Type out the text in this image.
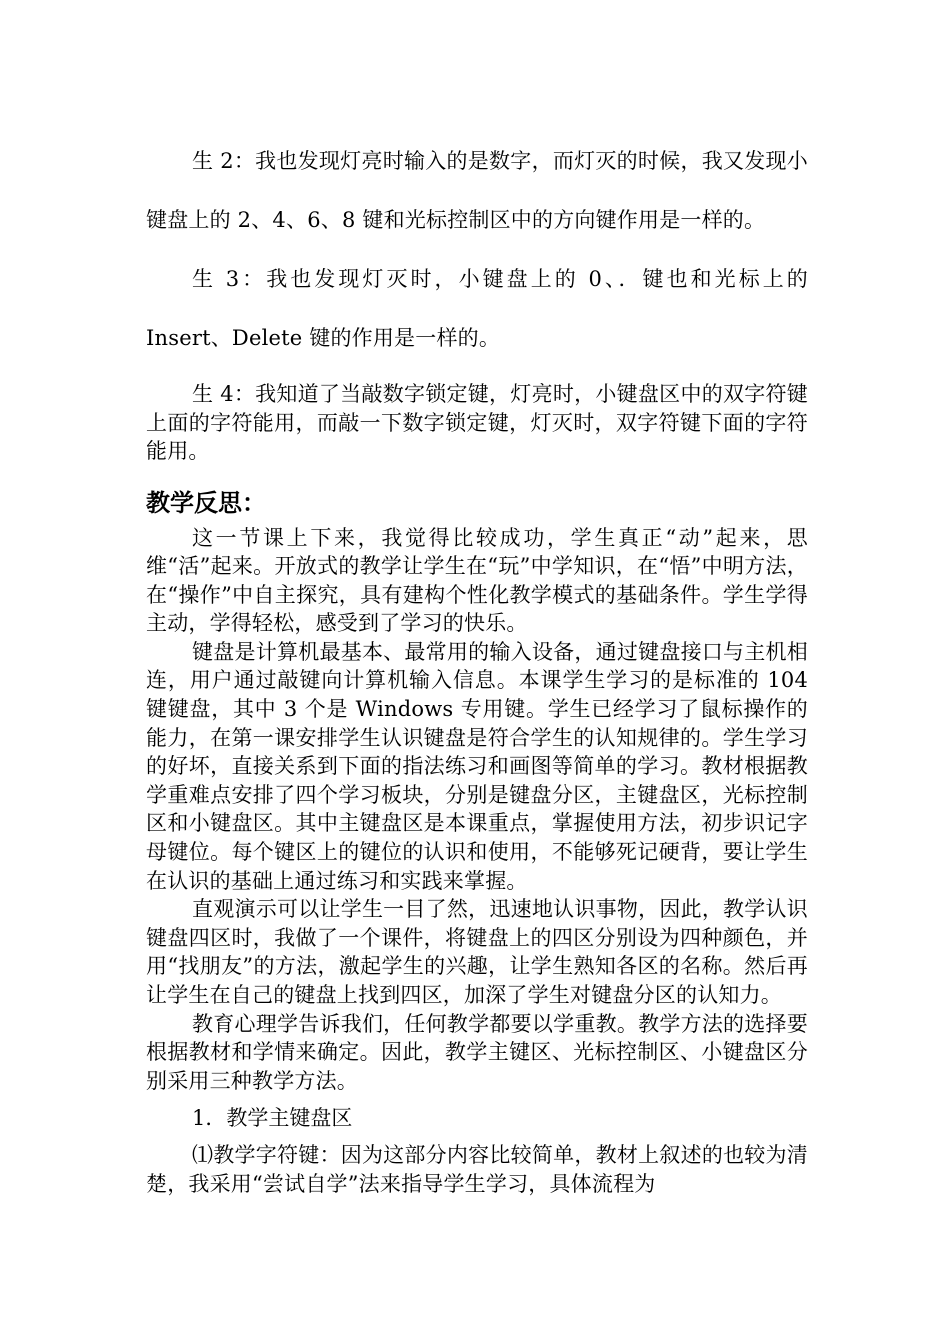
生 2：我也发现灯亮时输入的是数字，而灯灭的时候，我又发现小键盘上的 2、4、6、8 键和光标控制区中的方向键作用是一样的。

生 3：我也发现灯灭时，小键盘上的 0、．键也和光标上的 Insert、Delete 键的作用是一样的。

生 4：我知道了当敲数字锁定键，灯亮时，小键盘区中的双字符键上面的字符能用，而敲一下数字锁定键，灯灭时，双字符键下面的字符能用。

教学反思：

这一节课上下来，我觉得比较成功，学生真正“动”起来，思维“活”起来。开放式的教学让学生在“玩”中学知识，在“悟”中明方法，在“操作”中自主探究，具有建构个性化教学模式的基础条件。学生学得主动，学得轻松，感受到了学习的快乐。

键盘是计算机最基本、最常用的输入设备，通过键盘接口与主机相连，用户通过敲键向计算机输入信息。本课学生学习的是标准的 104 键键盘，其中 3 个是 Windows 专用键。学生已经学习了鼠标操作的能力，在第一课安排学生认识键盘是符合学生的认知规律的。学生学习的好坏，直接关系到下面的指法练习和画图等简单的学习。教材根据教学重难点安排了四个学习板块，分别是键盘分区，主键盘区，光标控制区和小键盘区。其中主键盘区是本课重点，掌握使用方法，初步识记字母键位。每个键区上的键位的认识和使用，不能够死记硬背，要让学生在认识的基础上通过练习和实践来掌握。

直观演示可以让学生一目了然，迅速地认识事物，因此，教学认识键盘四区时，我做了一个课件，将键盘上的四区分别设为四种颜色，并用“找朋友”的方法，激起学生的兴趣，让学生熟知各区的名称。然后再让学生在自己的键盘上找到四区，加深了学生对键盘分区的认知力。

教育心理学告诉我们，任何教学都要以学重教。教学方法的选择要根据教材和学情来确定。因此，教学主键区、光标控制区、小键盘区分别采用三种教学方法。

1．教学主键盘区

⑴教学字符键：因为这部分内容比较简单，教材上叙述的也较为清楚，我采用“尝试自学”法来指导学生学习，具体流程为
